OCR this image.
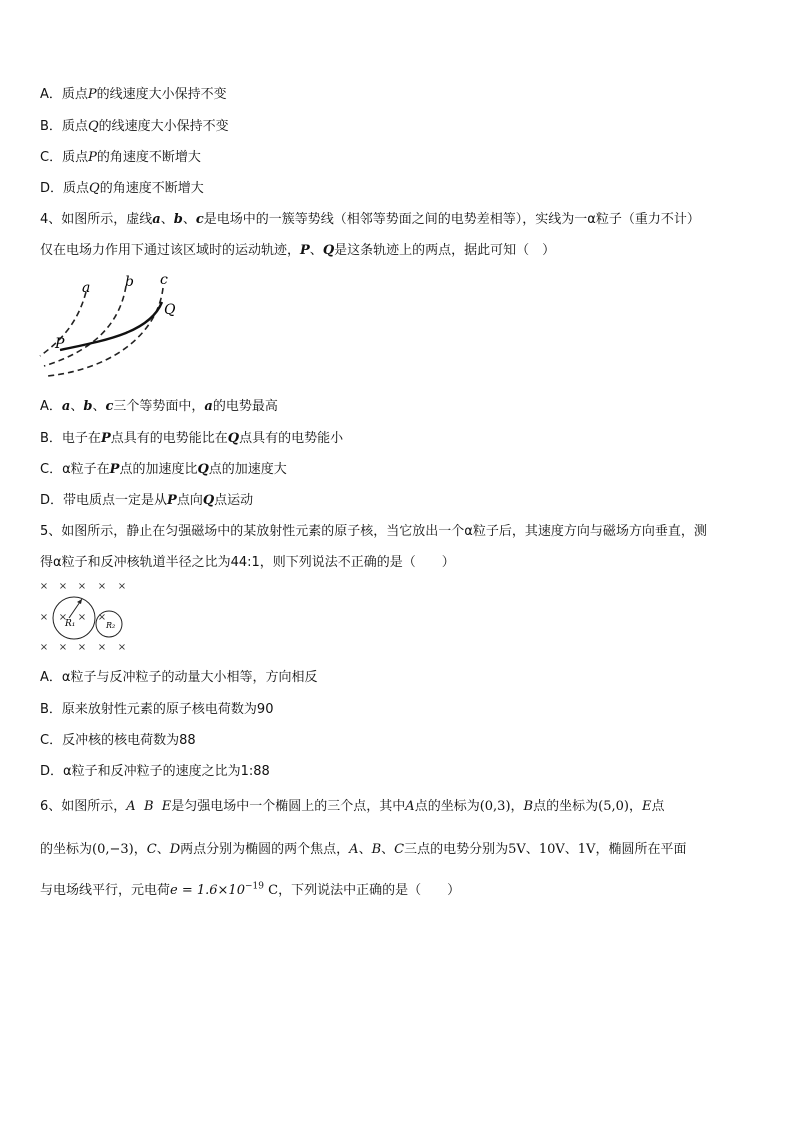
A．质点P的线速度大小保持不变
B．质点Q的线速度大小保持不变
C．质点P的角速度不断增大
D．质点Q的角速度不断增大
4、如图所示，虚线a、b、c是电场中的一簇等势线（相邻等势面之间的电势差相等），实线为一α粒子（重力不计）
仅在电场力作用下通过该区域时的运动轨迹，P、Q是这条轨迹上的两点，据此可知（　）
a b c
P
Q
A．a、b、c三个等势面中，a的电势最高
B．电子在P点具有的电势能比在Q点具有的电势能小
C．α粒子在P点的加速度比Q点的加速度大
D．带电质点一定是从P点向Q点运动
5、如图所示，静止在匀强磁场中的某放射性元素的原子核，当它放出一个α粒子后，其速度方向与磁场方向垂直，测
得α粒子和反冲核轨道半径之比为44:1，则下列说法不正确的是（　　）
× × × × ×
× × × ×
× × × × ×
R₁	R₂
A．α粒子与反冲粒子的动量大小相等，方向相反
B．原来放射性元素的原子核电荷数为90
C．反冲核的核电荷数为88
D．α粒子和反冲粒子的速度之比为1:88
6、如图所示，A B E是匀强电场中一个椭圆上的三个点，其中A点的坐标为(0,3)，B点的坐标为(5,0)，E点
的坐标为(0,−3)，C、D两点分别为椭圆的两个焦点，A、B、C三点的电势分别为5V、10V、1V，椭圆所在平面
与电场线平行，元电荷$e = 1.6\times 10^{-19}$ C，下列说法中正确的是（　　）
